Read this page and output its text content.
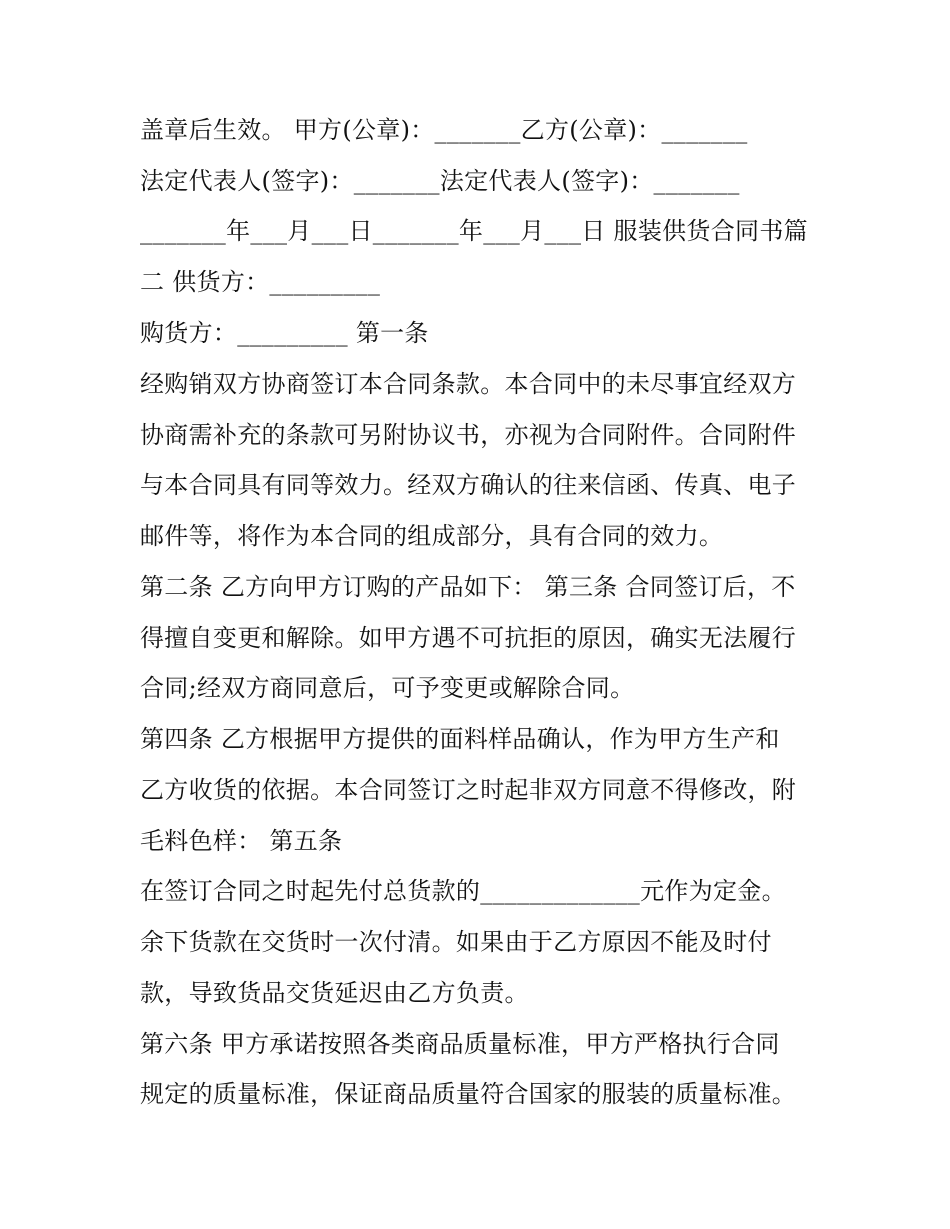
盖章后生效。 甲方(公章)：_______乙方(公章)：_______
法定代表人(签字)：_______法定代表人(签字)：_______
_______年___月___日_______年___月___日 服装供货合同书篇
二 供货方：_________
购货方：_________ 第一条
经购销双方协商签订本合同条款。本合同中的未尽事宜经双方
协商需补充的条款可另附协议书，亦视为合同附件。合同附件
与本合同具有同等效力。经双方确认的往来信函、传真、电子
邮件等，将作为本合同的组成部分，具有合同的效力。
第二条 乙方向甲方订购的产品如下： 第三条 合同签订后，不
得擅自变更和解除。如甲方遇不可抗拒的原因，确实无法履行
合同;经双方商同意后，可予变更或解除合同。
第四条 乙方根据甲方提供的面料样品确认，作为甲方生产和
乙方收货的依据。本合同签订之时起非双方同意不得修改，附
毛料色样： 第五条
在签订合同之时起先付总货款的_____________元作为定金。
余下货款在交货时一次付清。如果由于乙方原因不能及时付
款，导致货品交货延迟由乙方负责。
第六条 甲方承诺按照各类商品质量标准，甲方严格执行合同
规定的质量标准，保证商品质量符合国家的服装的质量标准。
